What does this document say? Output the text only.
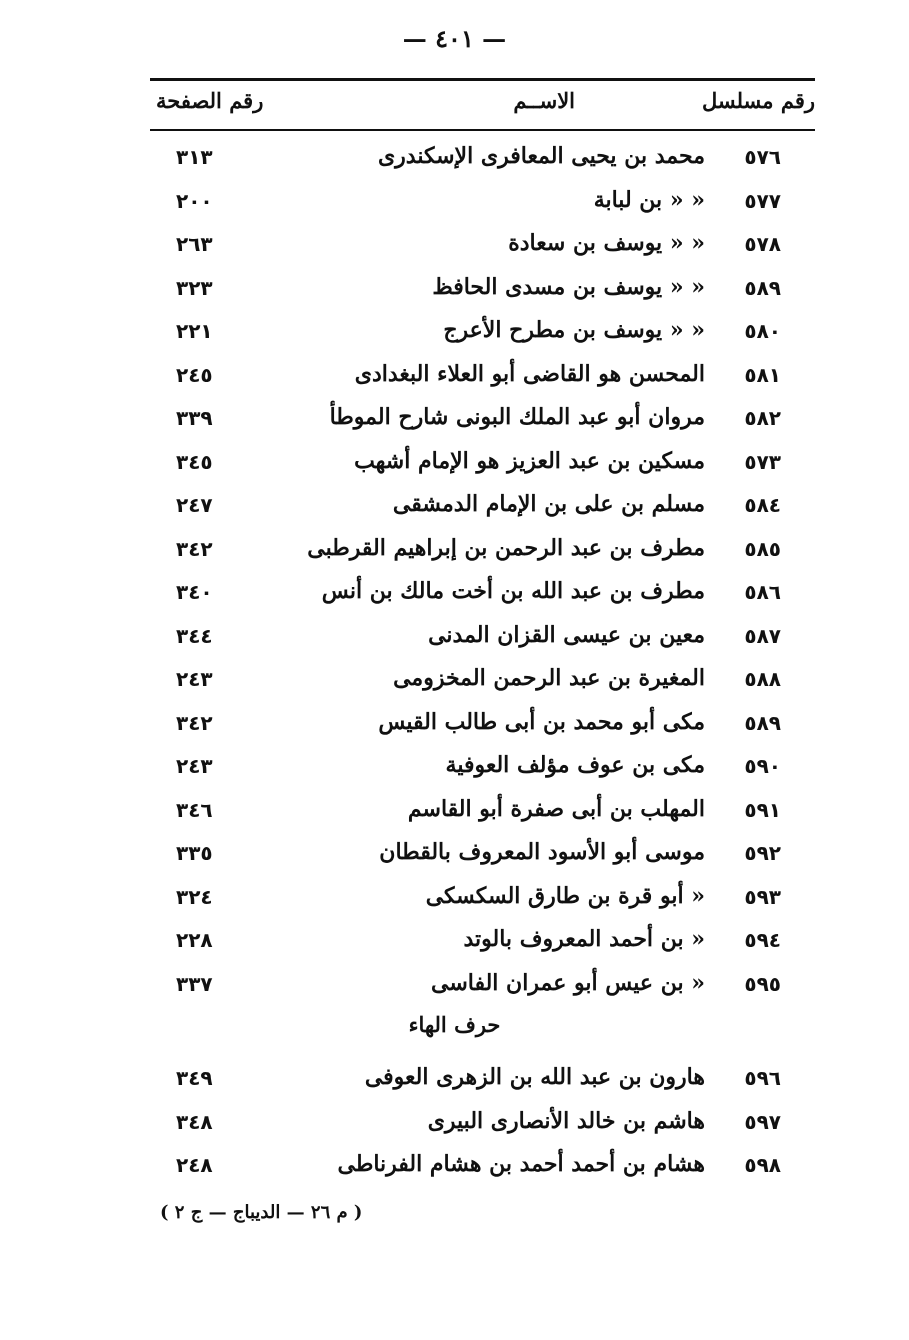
— ٤٠١ —
رقم مسلسل
الاســم
رقم الصفحة
٥٧٦
محمد بن يحيى المعافرى الإسكندرى
٣١٣
٥٧٧
« « بن لبابة
٢٠٠
٥٧٨
« « يوسف بن سعادة
٢٦٣
٥٨٩
« « يوسف بن مسدى الحافظ
٣٢٣
٥٨٠
« « يوسف بن مطرح الأعرج
٢٢١
٥٨١
المحسن هو القاضى أبو العلاء البغدادى
٢٤٥
٥٨٢
مروان أبو عبد الملك البونى شارح الموطأ
٣٣٩
٥٧٣
مسكين بن عبد العزيز هو الإمام أشهب
٣٤٥
٥٨٤
مسلم بن على بن الإمام الدمشقى
٢٤٧
٥٨٥
مطرف بن عبد الرحمن بن إبراهيم القرطبى
٣٤٢
٥٨٦
مطرف بن عبد الله بن أخت مالك بن أنس
٣٤٠
٥٨٧
معين بن عيسى القزان المدنى
٣٤٤
٥٨٨
المغيرة بن عبد الرحمن المخزومى
٢٤٣
٥٨٩
مكى أبو محمد بن أبى طالب القيس
٣٤٢
٥٩٠
مكى بن عوف مؤلف العوفية
٢٤٣
٥٩١
المهلب بن أبى صفرة أبو القاسم
٣٤٦
٥٩٢
موسى أبو الأسود المعروف بالقطان
٣٣٥
٥٩٣
« أبو قرة بن طارق السكسكى
٣٢٤
٥٩٤
« بن أحمد المعروف بالوتد
٢٢٨
٥٩٥
« بن عيس أبو عمران الفاسى
٣٣٧
حرف الهاء
٥٩٦
هارون بن عبد الله بن الزهرى العوفى
٣٤٩
٥٩٧
هاشم بن خالد الأنصارى البيرى
٣٤٨
٥٩٨
هشام بن أحمد أحمد بن هشام الفرناطى
٢٤٨
( م ٢٦ — الديباج — ج ٢ )
